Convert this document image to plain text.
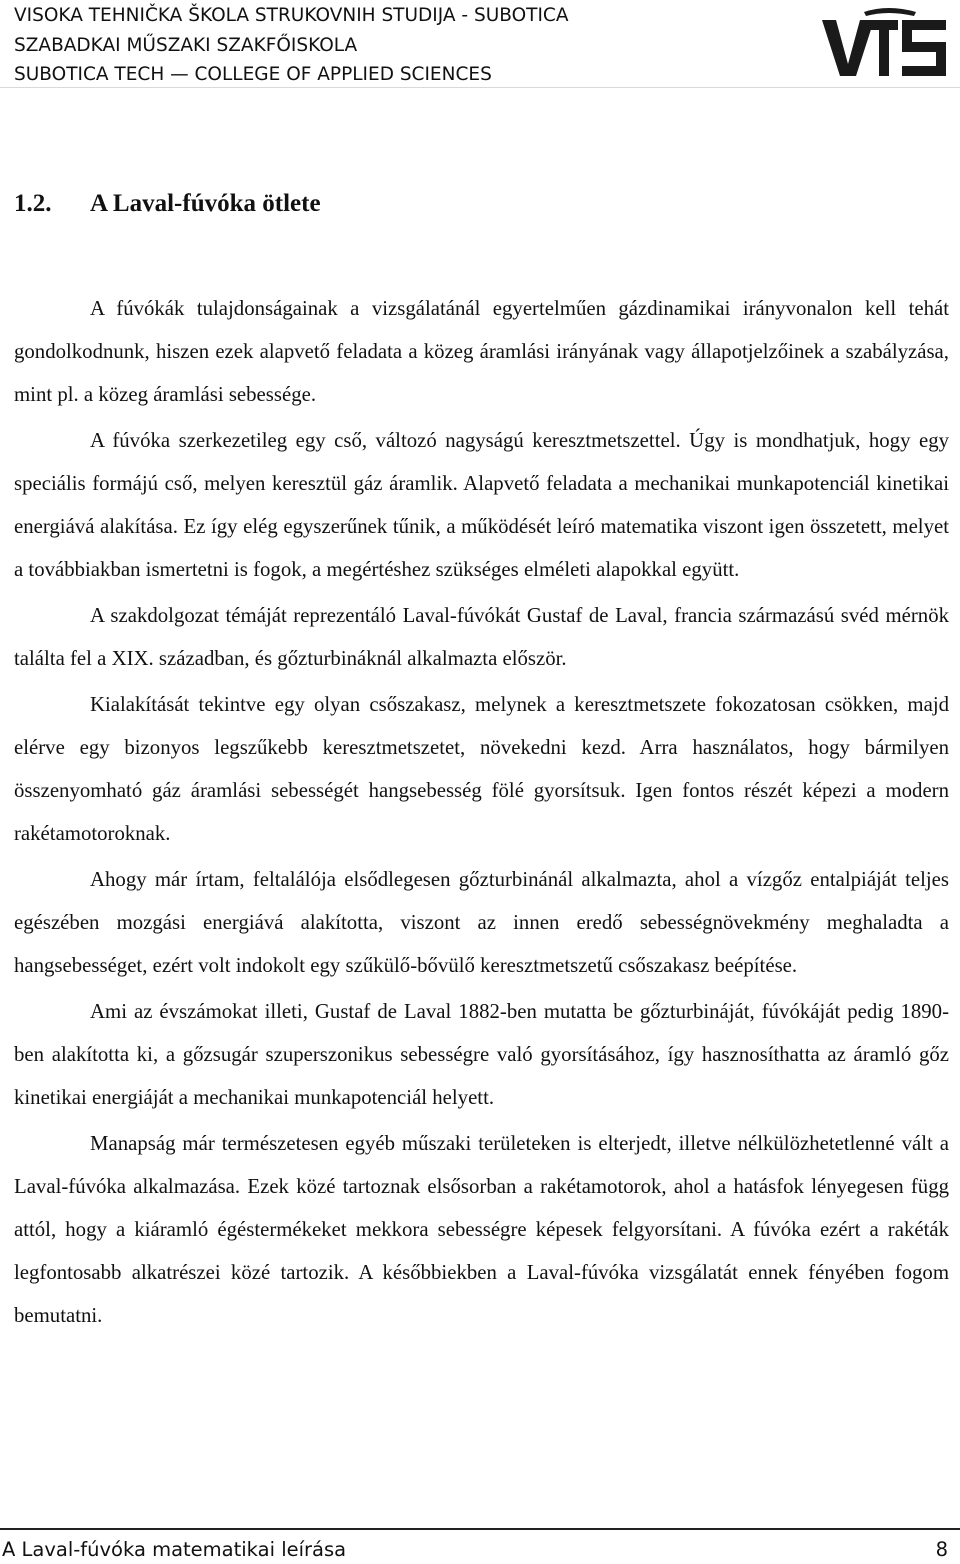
VISOKA TEHNIČKA ŠKOLA STRUKOVNIH STUDIJA - SUBOTICA
SZABADKAI MŰSZAKI SZAKFŐISKOLA
SUBOTICA TECH — COLLEGE OF APPLIED SCIENCES
1.2. A Laval-fúvóka ötlete

A fúvókák tulajdonságainak a vizsgálatánál egyertelműen gázdinamikai irányvonalon kell tehát gondolkodnunk, hiszen ezek alapvető feladata a közeg áramlási irányának vagy állapotjelzőinek a szabályzása, mint pl. a közeg áramlási sebessége.

A fúvóka szerkezetileg egy cső, változó nagyságú keresztmetszettel. Úgy is mondhatjuk, hogy egy speciális formájú cső, melyen keresztül gáz áramlik. Alapvető feladata a mechanikai munkapotenciál kinetikai energiává alakítása. Ez így elég egyszerűnek tűnik, a működését leíró matematika viszont igen összetett, melyet a továbbiakban ismertetni is fogok, a megértéshez szükséges elméleti alapokkal együtt.

A szakdolgozat témáját reprezentáló Laval-fúvókát Gustaf de Laval, francia származású svéd mérnök találta fel a XIX. században, és gőzturbináknál alkalmazta először.

Kialakítását tekintve egy olyan csőszakasz, melynek a keresztmetszete fokozatosan csökken, majd elérve egy bizonyos legszűkebb keresztmetszetet, növekedni kezd. Arra használatos, hogy bármilyen összenyomható gáz áramlási sebességét hangsebesség fölé gyorsítsuk. Igen fontos részét képezi a modern rakétamotoroknak.

Ahogy már írtam, feltalálója elsődlegesen gőzturbinánál alkalmazta, ahol a vízgőz entalpiáját teljes egészében mozgási energiává alakította, viszont az innen eredő sebességnövekmény meghaladta a hangsebességet, ezért volt indokolt egy szűkülő-bővülő keresztmetszetű csőszakasz beépítése.

Ami az évszámokat illeti, Gustaf de Laval 1882-ben mutatta be gőzturbináját, fúvókáját pedig 1890-ben alakította ki, a gőzsugár szuperszonikus sebességre való gyorsításához, így hasznosíthatta az áramló gőz kinetikai energiáját a mechanikai munkapotenciál helyett.

Manapság már természetesen egyéb műszaki területeken is elterjedt, illetve nélkülözhetetlenné vált a Laval-fúvóka alkalmazása. Ezek közé tartoznak elsősorban a rakétamotorok, ahol a hatásfok lényegesen függ attól, hogy a kiáramló égéstermékeket mekkora sebességre képesek felgyorsítani. A fúvóka ezért a rakéták legfontosabb alkatrészei közé tartozik. A későbbiekben a Laval-fúvóka vizsgálatát ennek fényében fogom bemutatni.

A Laval-fúvóka matematikai leírása	8
